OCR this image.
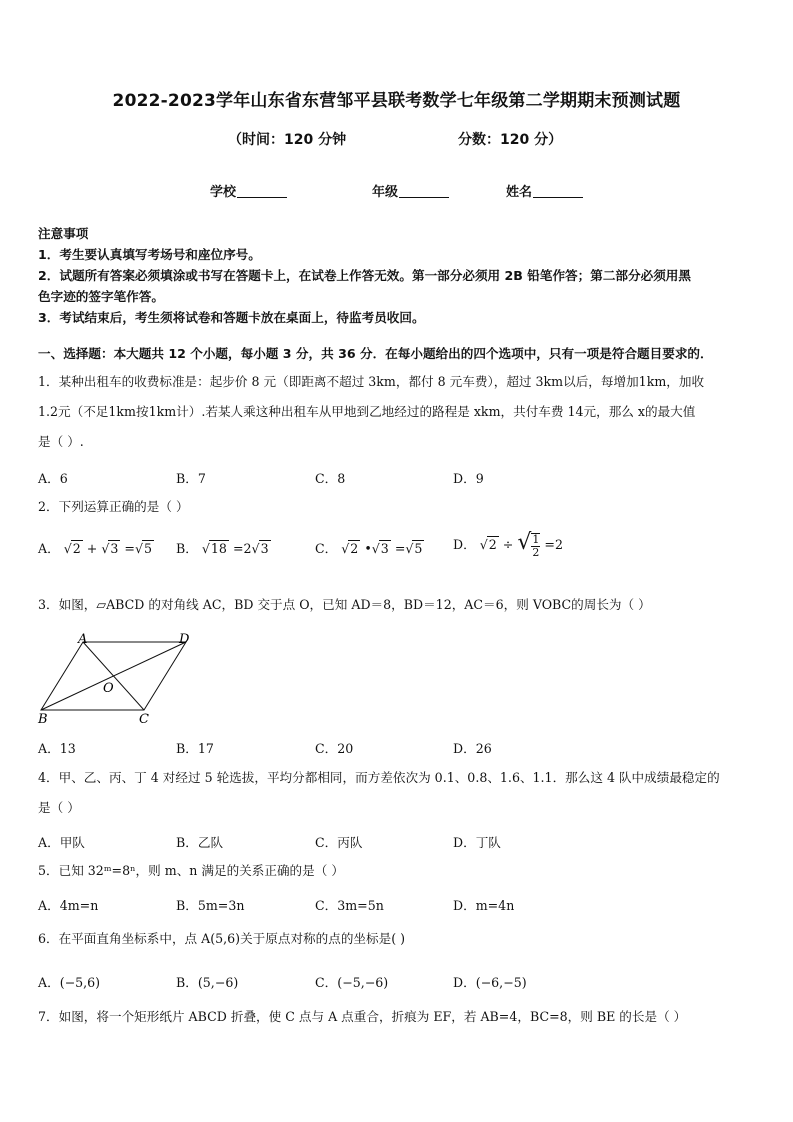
2022-2023学年山东省东营邹平县联考数学七年级第二学期期末预测试题
（时间：120 分钟	分数：120 分）
学校	年级	姓名

注意事项

1．考生要认真填写考场号和座位序号。

2．试题所有答案必须填涂或书写在答题卡上，在试卷上作答无效。第一部分必须用 2B 铅笔作答；第二部分必须用黑

色字迹的签字笔作答。

3．考试结束后，考生须将试卷和答题卡放在桌面上，待监考员收回。

一、选择题：本大题共 12 个小题，每小题 3 分，共 36 分．在每小题给出的四个选项中，只有一项是符合题目要求的．

1．某种出租车的收费标准是：起步价 8 元（即距离不超过 3km，都付 8 元车费），超过 3km以后，每增加1km，加收

1.2元（不足1km按1km计）.若某人乘这种出租车从甲地到乙地经过的路程是 xkm，共付车费 14元，那么 x的最大值

是（ ）.

A．6	B．7	C．8	D．9

2．下列运算正确的是（ ）

A． √2 + √3 =√5 B． √18 =2√3	C． √2 •√3 =√5 D． √2 ÷ √ $\frac{1}{2} =2$

3．如图，▱ABCD 的对角线 AC，BD 交于点 O，已知 AD＝8，BD＝12，AC＝6，则 VOBC的周长为（ ）

A	D
B	C
O
A．13	B．17	C．20	D．26

4．甲、乙、丙、丁 4 对经过 5 轮选拔，平均分都相同，而方差依次为 0.1、0.8、1.6、1.1．那么这 4 队中成绩最稳定的

是（ ）

A．甲队	B．乙队	C．丙队	D．丁队

5．已知 32ᵐ=8ⁿ，则 m、n 满足的关系正确的是（ ）

A．4m=n	B．5m=3n	C．3m=5n	D．m=4n

6．在平面直角坐标系中，点 A(5,6)关于原点对称的点的坐标是( )

A．(−5,6)	B．(5,−6)	C．(−5,−6)	D．(−6,−5)

7．如图，将一个矩形纸片 ABCD 折叠，使 C 点与 A 点重合，折痕为 EF，若 AB=4，BC=8，则 BE 的长是（ ）
